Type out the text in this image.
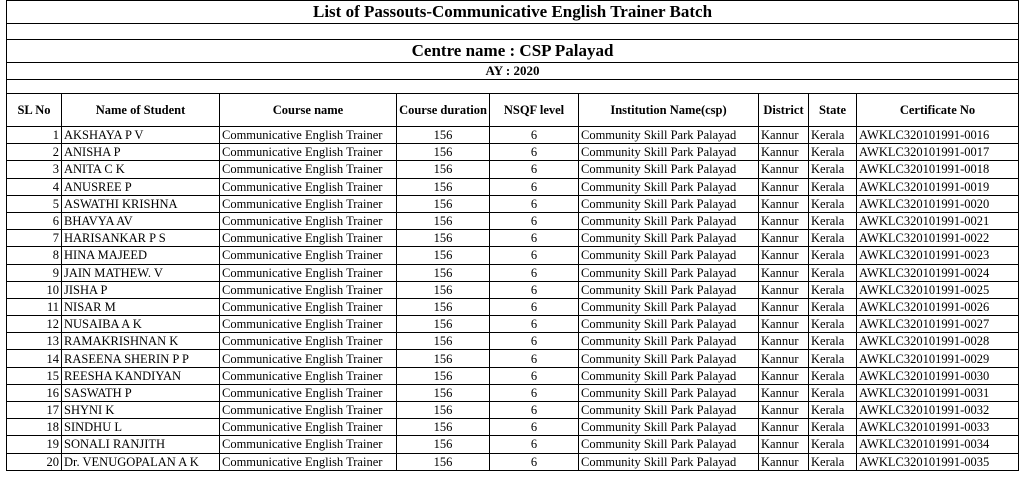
List of Passouts-Communicative English Trainer Batch								

Centre name : CSP Palayad								
AY : 2020								

SL No	Name of Student	Course name	Course duration	NSQF level	Institution Name(csp)	District	State	Certificate No
1	AKSHAYA P V	Communicative English Trainer	156	6	Community Skill Park Palayad	Kannur	Kerala	AWKLC320101991-0016
2	ANISHA P	Communicative English Trainer	156	6	Community Skill Park Palayad	Kannur	Kerala	AWKLC320101991-0017
3	ANITA C K	Communicative English Trainer	156	6	Community Skill Park Palayad	Kannur	Kerala	AWKLC320101991-0018
4	ANUSREE P	Communicative English Trainer	156	6	Community Skill Park Palayad	Kannur	Kerala	AWKLC320101991-0019
5	ASWATHI KRISHNA	Communicative English Trainer	156	6	Community Skill Park Palayad	Kannur	Kerala	AWKLC320101991-0020
6	BHAVYA AV	Communicative English Trainer	156	6	Community Skill Park Palayad	Kannur	Kerala	AWKLC320101991-0021
7	HARISANKAR P S	Communicative English Trainer	156	6	Community Skill Park Palayad	Kannur	Kerala	AWKLC320101991-0022
8	HINA MAJEED	Communicative English Trainer	156	6	Community Skill Park Palayad	Kannur	Kerala	AWKLC320101991-0023
9	JAIN MATHEW. V	Communicative English Trainer	156	6	Community Skill Park Palayad	Kannur	Kerala	AWKLC320101991-0024
10	JISHA P	Communicative English Trainer	156	6	Community Skill Park Palayad	Kannur	Kerala	AWKLC320101991-0025
11	NISAR M	Communicative English Trainer	156	6	Community Skill Park Palayad	Kannur	Kerala	AWKLC320101991-0026
12	NUSAIBA A K	Communicative English Trainer	156	6	Community Skill Park Palayad	Kannur	Kerala	AWKLC320101991-0027
13	RAMAKRISHNAN K	Communicative English Trainer	156	6	Community Skill Park Palayad	Kannur	Kerala	AWKLC320101991-0028
14	RASEENA SHERIN P P	Communicative English Trainer	156	6	Community Skill Park Palayad	Kannur	Kerala	AWKLC320101991-0029
15	REESHA KANDIYAN	Communicative English Trainer	156	6	Community Skill Park Palayad	Kannur	Kerala	AWKLC320101991-0030
16	SASWATH P	Communicative English Trainer	156	6	Community Skill Park Palayad	Kannur	Kerala	AWKLC320101991-0031
17	SHYNI K	Communicative English Trainer	156	6	Community Skill Park Palayad	Kannur	Kerala	AWKLC320101991-0032
18	SINDHU L	Communicative English Trainer	156	6	Community Skill Park Palayad	Kannur	Kerala	AWKLC320101991-0033
19	SONALI RANJITH	Communicative English Trainer	156	6	Community Skill Park Palayad	Kannur	Kerala	AWKLC320101991-0034
20	Dr. VENUGOPALAN A K	Communicative English Trainer	156	6	Community Skill Park Palayad	Kannur	Kerala	AWKLC320101991-0035
